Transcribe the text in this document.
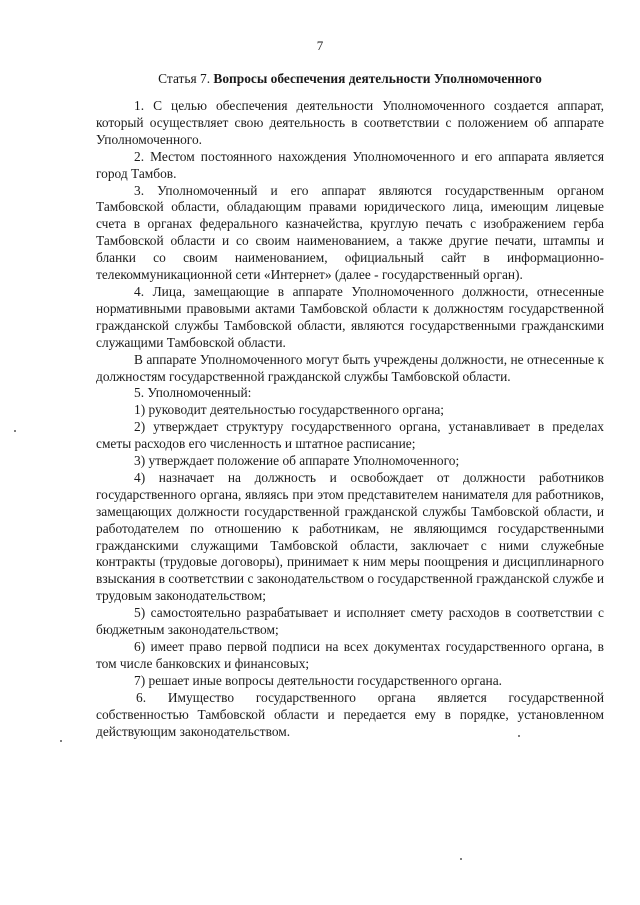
7
Статья 7. Вопросы обеспечения деятельности Уполномоченного

1. С целью обеспечения деятельности Уполномоченного создается аппарат, который осуществляет свою деятельность в соответствии с положением об аппарате Уполномоченного.

2. Местом постоянного нахождения Уполномоченного и его аппарата является город Тамбов.

3. Уполномоченный и его аппарат являются государственным органом Тамбовской области, обладающим правами юридического лица, имеющим лицевые счета в органах федерального казначейства, круглую печать с изображением герба Тамбовской области и со своим наименованием, а также другие печати, штампы и бланки со своим наименованием, официальный сайт в информационно-телекоммуникационной сети «Интернет» (далее - государственный орган).

4. Лица, замещающие в аппарате Уполномоченного должности, отнесенные нормативными правовыми актами Тамбовской области к должностям государственной гражданской службы Тамбовской области, являются государственными гражданскими служащими Тамбовской области.

В аппарате Уполномоченного могут быть учреждены должности, не отнесенные к должностям государственной гражданской службы Тамбовской области.

5. Уполномоченный:

1) руководит деятельностью государственного органа;

2) утверждает структуру государственного органа, устанавливает в пределах сметы расходов его численность и штатное расписание;

3) утверждает положение об аппарате Уполномоченного;

4) назначает на должность и освобождает от должности работников государственного органа, являясь при этом представителем нанимателя для работников, замещающих должности государственной гражданской службы Тамбовской области, и работодателем по отношению к работникам, не являющимся государственными гражданскими служащими Тамбовской области, заключает с ними служебные контракты (трудовые договоры), принимает к ним меры поощрения и дисциплинарного взыскания в соответствии с законодательством о государственной гражданской службе и трудовым законодательством;

5) самостоятельно разрабатывает и исполняет смету расходов в соответствии с бюджетным законодательством;

6) имеет право первой подписи на всех документах государственного органа, в том числе банковских и финансовых;

7) решает иные вопросы деятельности государственного органа.

6. Имущество государственного органа является государственной собственностью Тамбовской области и передается ему в порядке, установленном действующим законодательством.
